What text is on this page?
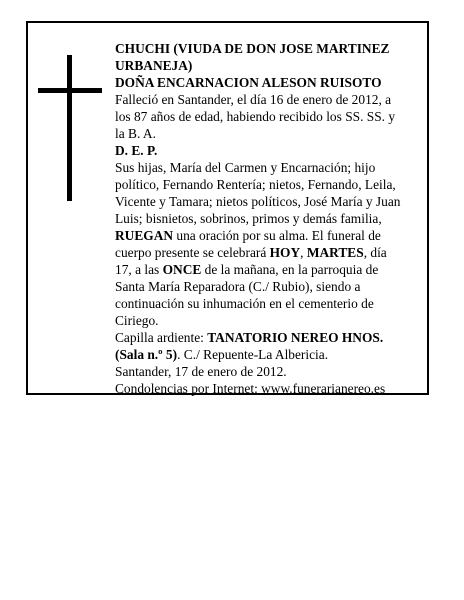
CHUCHI (VIUDA DE DON JOSE MARTINEZ URBANEJA)

DOÑA ENCARNACION ALESON RUISOTO

Falleció en Santander, el día 16 de enero de 2012, a los 87 años de edad, habiendo recibido los SS. SS. y la B. A.

D. E. P.

Sus hijas, María del Carmen y Encarnación; hijo político, Fernando Rentería; nietos, Fernando, Leila, Vicente y Tamara; nietos políticos, José María y Juan Luis; bisnietos, sobrinos, primos y demás familia,

RUEGAN una oración por su alma. El funeral de cuerpo presente se celebrará HOY, MARTES, día 17, a las ONCE de la mañana, en la parroquia de Santa María Reparadora (C./ Rubio), siendo a continuación su inhumación en el cementerio de Ciriego.

Capilla ardiente: TANATORIO NEREO HNOS. (Sala n.º 5). C./ Repuente-La Albericia.

Santander, 17 de enero de 2012.

Condolencias por Internet: www.funerarianereo.es
